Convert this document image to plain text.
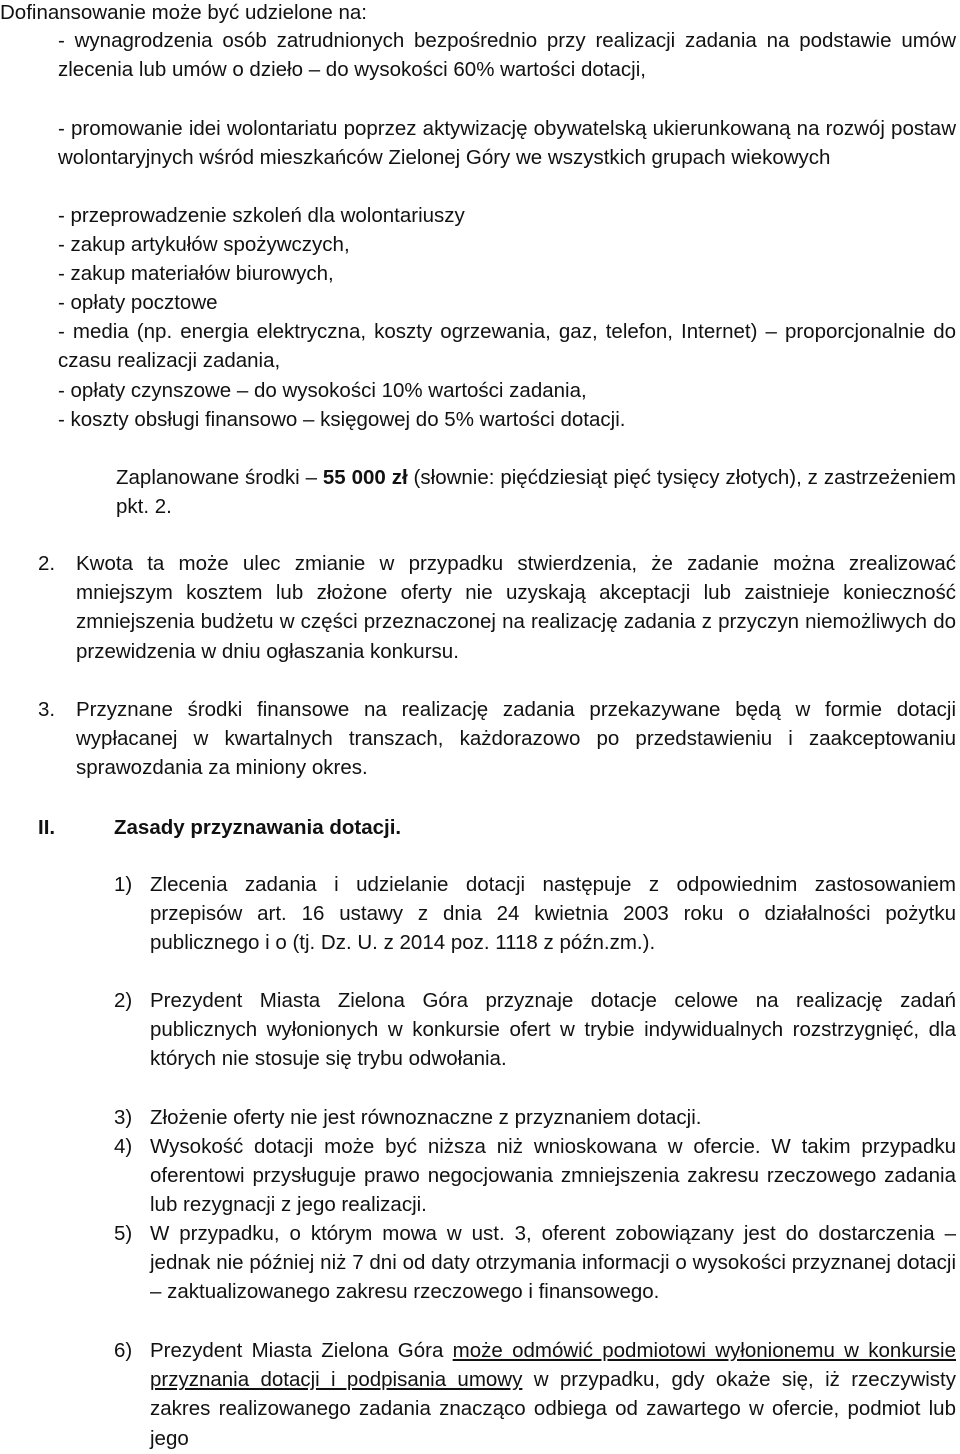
Dofinansowanie może być udzielone na:
- wynagrodzenia osób zatrudnionych bezpośrednio przy realizacji zadania na podstawie umów zlecenia lub umów o dzieło – do wysokości 60% wartości dotacji,
- promowanie idei wolontariatu poprzez aktywizację obywatelską ukierunkowaną na rozwój postaw wolontaryjnych wśród mieszkańców Zielonej Góry we wszystkich grupach wiekowych
- przeprowadzenie szkoleń dla wolontariuszy
- zakup artykułów spożywczych,
- zakup materiałów biurowych,
- opłaty pocztowe
- media (np. energia elektryczna, koszty ogrzewania, gaz, telefon, Internet) – proporcjonalnie do czasu realizacji zadania,
- opłaty czynszowe – do wysokości 10% wartości zadania,
- koszty obsługi finansowo – księgowej do 5% wartości dotacji.
Zaplanowane środki – 55 000 zł (słownie: pięćdziesiąt pięć tysięcy złotych), z zastrzeżeniem pkt. 2.
2. Kwota ta może ulec zmianie w przypadku stwierdzenia, że zadanie można zrealizować mniejszym kosztem lub złożone oferty nie uzyskają akceptacji lub zaistnieje konieczność zmniejszenia budżetu w części przeznaczonej na realizację zadania z przyczyn niemożliwych do przewidzenia w dniu ogłaszania konkursu.
3. Przyznane środki finansowe na realizację zadania przekazywane będą w formie dotacji wypłacanej w kwartalnych transzach, każdorazowo po przedstawieniu i zaakceptowaniu sprawozdania za miniony okres.
II.	Zasady przyznawania dotacji.
1) Zlecenia zadania i udzielanie dotacji następuje z odpowiednim zastosowaniem przepisów art. 16 ustawy z dnia 24 kwietnia 2003 roku o działalności pożytku publicznego i o (tj. Dz. U. z 2014 poz. 1118 z późn.zm.).
2) Prezydent Miasta Zielona Góra przyznaje dotacje celowe na realizację zadań publicznych wyłonionych w konkursie ofert w trybie indywidualnych rozstrzygnięć, dla których nie stosuje się trybu odwołania.
3) Złożenie oferty nie jest równoznaczne z przyznaniem dotacji.
4) Wysokość dotacji może być niższa niż wnioskowana w ofercie. W takim przypadku oferentowi przysługuje prawo negocjowania zmniejszenia zakresu rzeczowego zadania lub rezygnacji z jego realizacji.
5) W przypadku, o którym mowa w ust. 3, oferent zobowiązany jest do dostarczenia – jednak nie później niż 7 dni od daty otrzymania informacji o wysokości przyznanej dotacji – zaktualizowanego zakresu rzeczowego i finansowego.
6) Prezydent Miasta Zielona Góra może odmówić podmiotowi wyłonionemu w konkursie przyznania dotacji i podpisania umowy w przypadku, gdy okaże się, iż rzeczywisty zakres realizowanego zadania znacząco odbiega od zawartego w ofercie, podmiot lub jego
